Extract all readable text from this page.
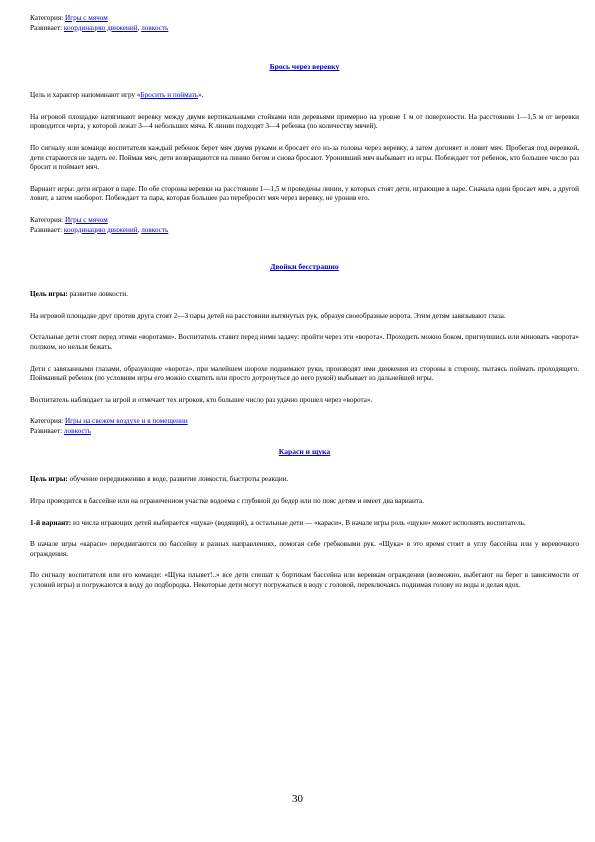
Категория: Игры с мячом
Развивает: координацию движений, ловкость
Брось через веревку
Цель и характер напоминают игру «Бросить и поймать».

На игровой площадке натягивают веревку между двумя вертикальными стойками или деревьями примерно на уровне 1 м от поверхности. На расстоянии 1—1,5 м от веревки проводится черта, у которой лежат 3—4 небольших мяча. К линии подходят 3—4 ребенка (по количеству мячей).

По сигналу или команде воспитателя каждый ребенок берет мяч двумя руками и бросает его из-за головы через веревку, а затем догоняет и ловит мяч. Пробегая под веревкой, дети стараются не задеть ее. Поймав мяч, дети возвращаются на линию бегом и снова бросают. Уронивший мяч выбывает из игры. Побеждает тот ребенок, кто большее число раз бросит и поймает мяч.

Вариант игры: дети играют в паре. По обе стороны веревки на расстоянии 1—1,5 м проведены линии, у которых стоят дети, играющие в паре. Сначала один бросает мяч, а другой ловит, а затем наоборот. Побеждает та пара, которая большее раз перебросит мяч через веревку, не уронив его.

Категория: Игры с мячом
Развивает: координацию движений, ловкость
Двойки бесстрашно
Цель игры: развитие ловкости.

На игровой площадке друг против друга стоят 2—3 пары детей на расстоянии вытянутых рук, образуя своеобразные ворота. Этим детям завязывают глаза.

Остальные дети стоят перед этими «воротами». Воспитатель ставит перед ними задачу: пройти через эти «ворота». Проходить можно боком, пригнувшись или миновать «ворота» ползком, но нельзя бежать.

Дети с завязанными глазами, образующие «ворота», при малейшем шорохе поднимают руки, производят ими движения из стороны в сторону, пытаясь поймать проходящего. Пойманный ребенок (по условиям игры его можно схватить или просто дотронуться до него рукой) выбывает из дальнейшей игры.

Воспитатель наблюдает за игрой и отмечает тех игроков, кто большее число раз удачно прошел через «ворота».

Категория: Игры на свежем воздухе и в помещении
Развивает: ловкость
Караси и щука
Цель игры: обучение передвижению в воде, развитие ловкости, быстроты реакции.

Игра проводится в бассейне или на ограниченном участке водоема с глубиной до бедер или по пояс детям и имеет два варианта.

1-й вариант: из числа играющих детей выбирается «щука» (водящий), а остальные дети — «караси». В начале игры роль «щуки» может исполнять воспитатель.

В начале игры «караси» передвигаются по бассейну в разных направлениях, помогая себе гребковыми рук. «Щука» в это время стоит в углу бассейна или у веревочного ограждения.

По сигналу воспитателя или его команде: «Щука плывет!..» все дети спешат к бортикам бассейна или веревкам ограждения (возможно, выбегают на берег в зависимости от условий игры) и погружаются в воду до подбородка. Некоторые дети могут погружаться в воду с головой, переключаясь поднимая голову из воды и делая вдох.

30
